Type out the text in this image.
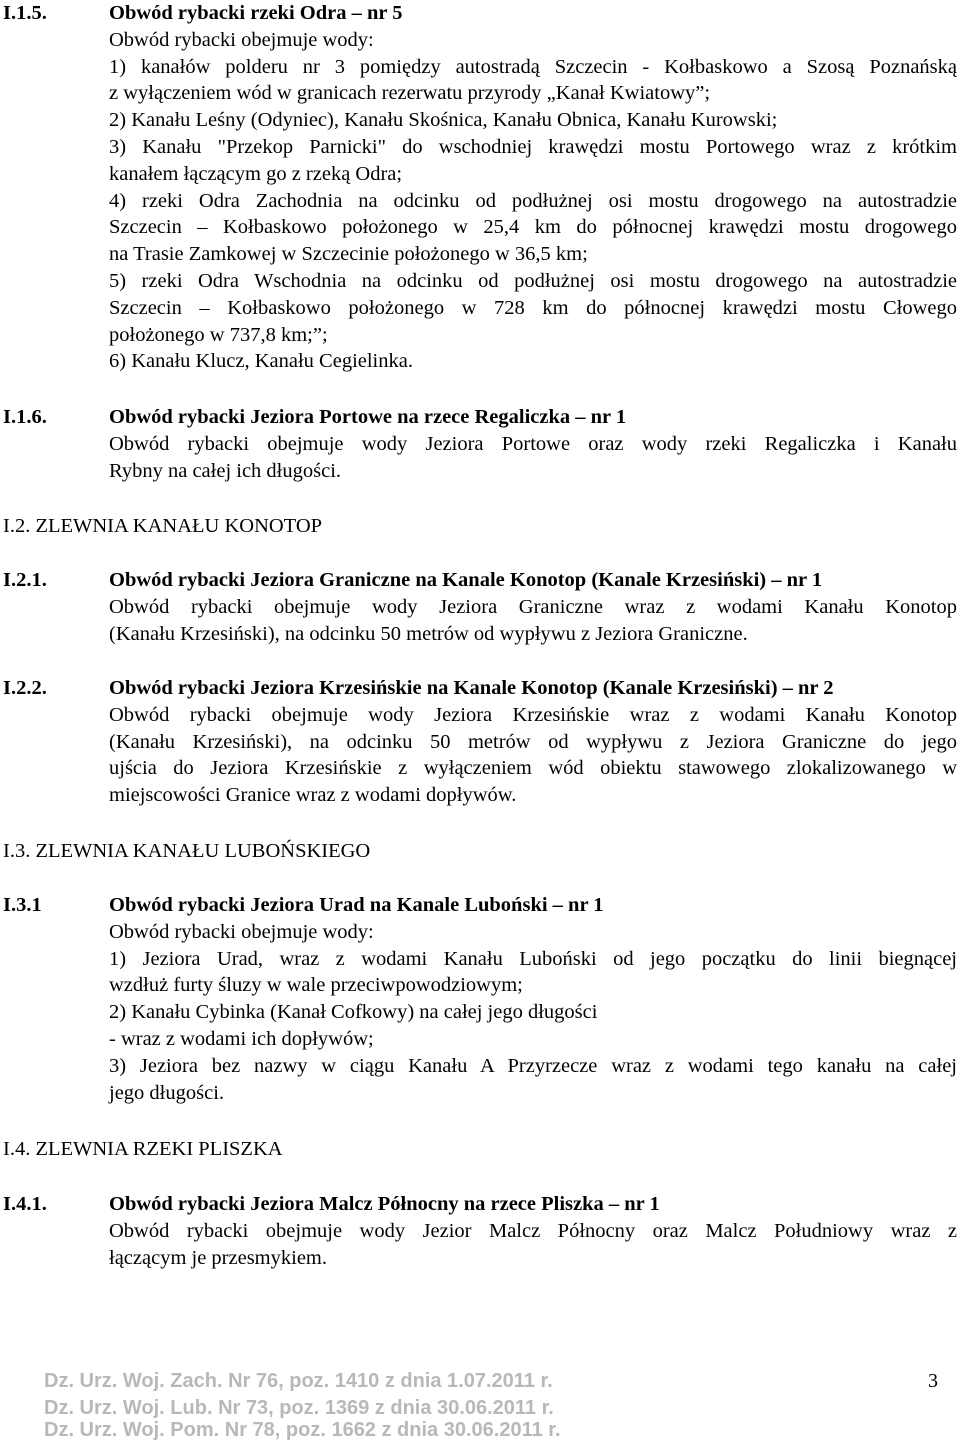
I.1.5.	Obwód rybacki rzeki Odra – nr 5
Obwód rybacki obejmuje wody:
1) kanałów polderu nr 3 pomiędzy autostradą Szczecin - Kołbaskowo a Szosą Poznańską
z wyłączeniem wód w granicach rezerwatu przyrody „Kanał Kwiatowy”;
2) Kanału Leśny (Odyniec), Kanału Skośnica, Kanału Obnica, Kanału Kurowski;
3) Kanału "Przekop Parnicki" do wschodniej krawędzi mostu Portowego wraz z krótkim
kanałem łączącym go z rzeką Odra;
4) rzeki Odra Zachodnia na odcinku od podłużnej osi mostu drogowego na autostradzie
Szczecin – Kołbaskowo położonego w 25,4 km do północnej krawędzi mostu drogowego
na Trasie Zamkowej w Szczecinie położonego w 36,5 km;
5) rzeki Odra Wschodnia na odcinku od podłużnej osi mostu drogowego na autostradzie
Szczecin – Kołbaskowo położonego w 728 km do północnej krawędzi mostu Cłowego
położonego w 737,8 km;”;
6) Kanału Klucz, Kanału Cegielinka.
I.1.6.	Obwód rybacki Jeziora Portowe na rzece Regaliczka – nr 1
Obwód rybacki obejmuje wody Jeziora Portowe oraz wody rzeki Regaliczka i Kanału
Rybny na całej ich długości.
I.2. ZLEWNIA KANAŁU KONOTOP
I.2.1.	Obwód rybacki Jeziora Graniczne na Kanale Konotop (Kanale Krzesiński) – nr 1
Obwód rybacki obejmuje wody Jeziora Graniczne wraz z wodami Kanału Konotop
(Kanału Krzesiński), na odcinku 50 metrów od wypływu z Jeziora Graniczne.
I.2.2.	Obwód rybacki Jeziora Krzesińskie na Kanale Konotop (Kanale Krzesiński) – nr 2
Obwód rybacki obejmuje wody Jeziora Krzesińskie wraz z wodami Kanału Konotop
(Kanału Krzesiński), na odcinku 50 metrów od wypływu z Jeziora Graniczne do jego
ujścia do Jeziora Krzesińskie z wyłączeniem wód obiektu stawowego zlokalizowanego w
miejscowości Granice wraz z wodami dopływów.
I.3. ZLEWNIA KANAŁU LUBOŃSKIEGO
I.3.1	Obwód rybacki Jeziora Urad na Kanale Luboński – nr 1
Obwód rybacki obejmuje wody:
1) Jeziora Urad, wraz z wodami Kanału Luboński od jego początku do linii biegnącej
wzdłuż furty śluzy w wale przeciwpowodziowym;
2) Kanału Cybinka (Kanał Cofkowy) na całej jego długości
- wraz z wodami ich dopływów;
3) Jeziora bez nazwy w ciągu Kanału A Przyrzecze wraz z wodami tego kanału na całej
jego długości.
I.4. ZLEWNIA RZEKI PLISZKA
I.4.1.	Obwód rybacki Jeziora Malcz Północny na rzece Pliszka – nr 1
Obwód rybacki obejmuje wody Jezior Malcz Północny oraz Malcz Południowy wraz z
łączącym je przesmykiem.
Dz. Urz. Woj. Zach. Nr 76, poz. 1410 z dnia 1.07.2011 r.
Dz. Urz. Woj. Lub. Nr 73, poz. 1369 z dnia 30.06.2011 r.
Dz. Urz. Woj. Pom. Nr 78, poz. 1662 z dnia 30.06.2011 r.
3
